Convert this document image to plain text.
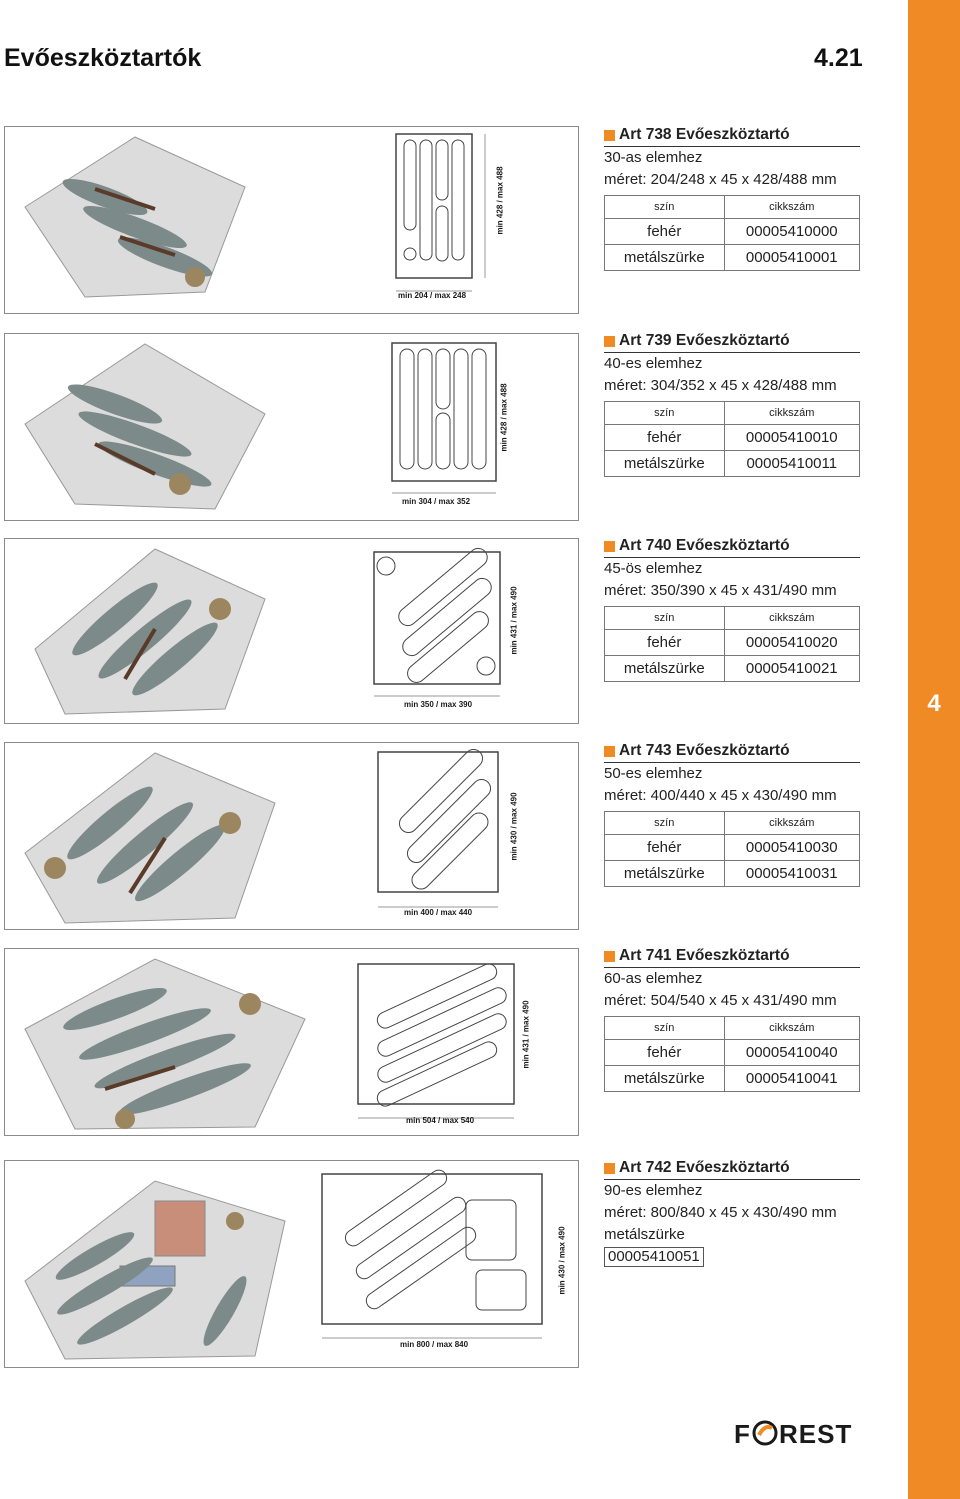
4
Evőeszköztartók	4.21
min 428 / max 488
min 204 / max 248
Art 738 Evőeszköztartó
30-as elemhez
méret: 204/248 x 45 x 428/488 mm
szín	cikkszám
fehér	00005410000
metálszürke	00005410001
min 428 / max 488
min 304 / max 352
Art 739 Evőeszköztartó
40-es elemhez
méret: 304/352 x 45 x 428/488 mm
szín	cikkszám
fehér	00005410010
metálszürke	00005410011
min 431 / max 490
min 350 / max 390
Art 740 Evőeszköztartó
45-ös elemhez
méret: 350/390 x 45 x 431/490 mm
szín	cikkszám
fehér	00005410020
metálszürke	00005410021
min 430 / max 490
min 400 / max 440
Art 743 Evőeszköztartó
50-es elemhez
méret: 400/440 x 45 x 430/490 mm
szín	cikkszám
fehér	00005410030
metálszürke	00005410031
min 431 / max 490
min 504 / max 540
Art 741 Evőeszköztartó
60-as elemhez
méret: 504/540 x 45 x 431/490 mm
szín	cikkszám
fehér	00005410040
metálszürke	00005410041
min 430 / max 490
min 800 / max 840
Art 742 Evőeszköztartó
90-es elemhez
méret: 800/840 x 45 x 430/490 mm
metálszürke
00005410051
F REST
